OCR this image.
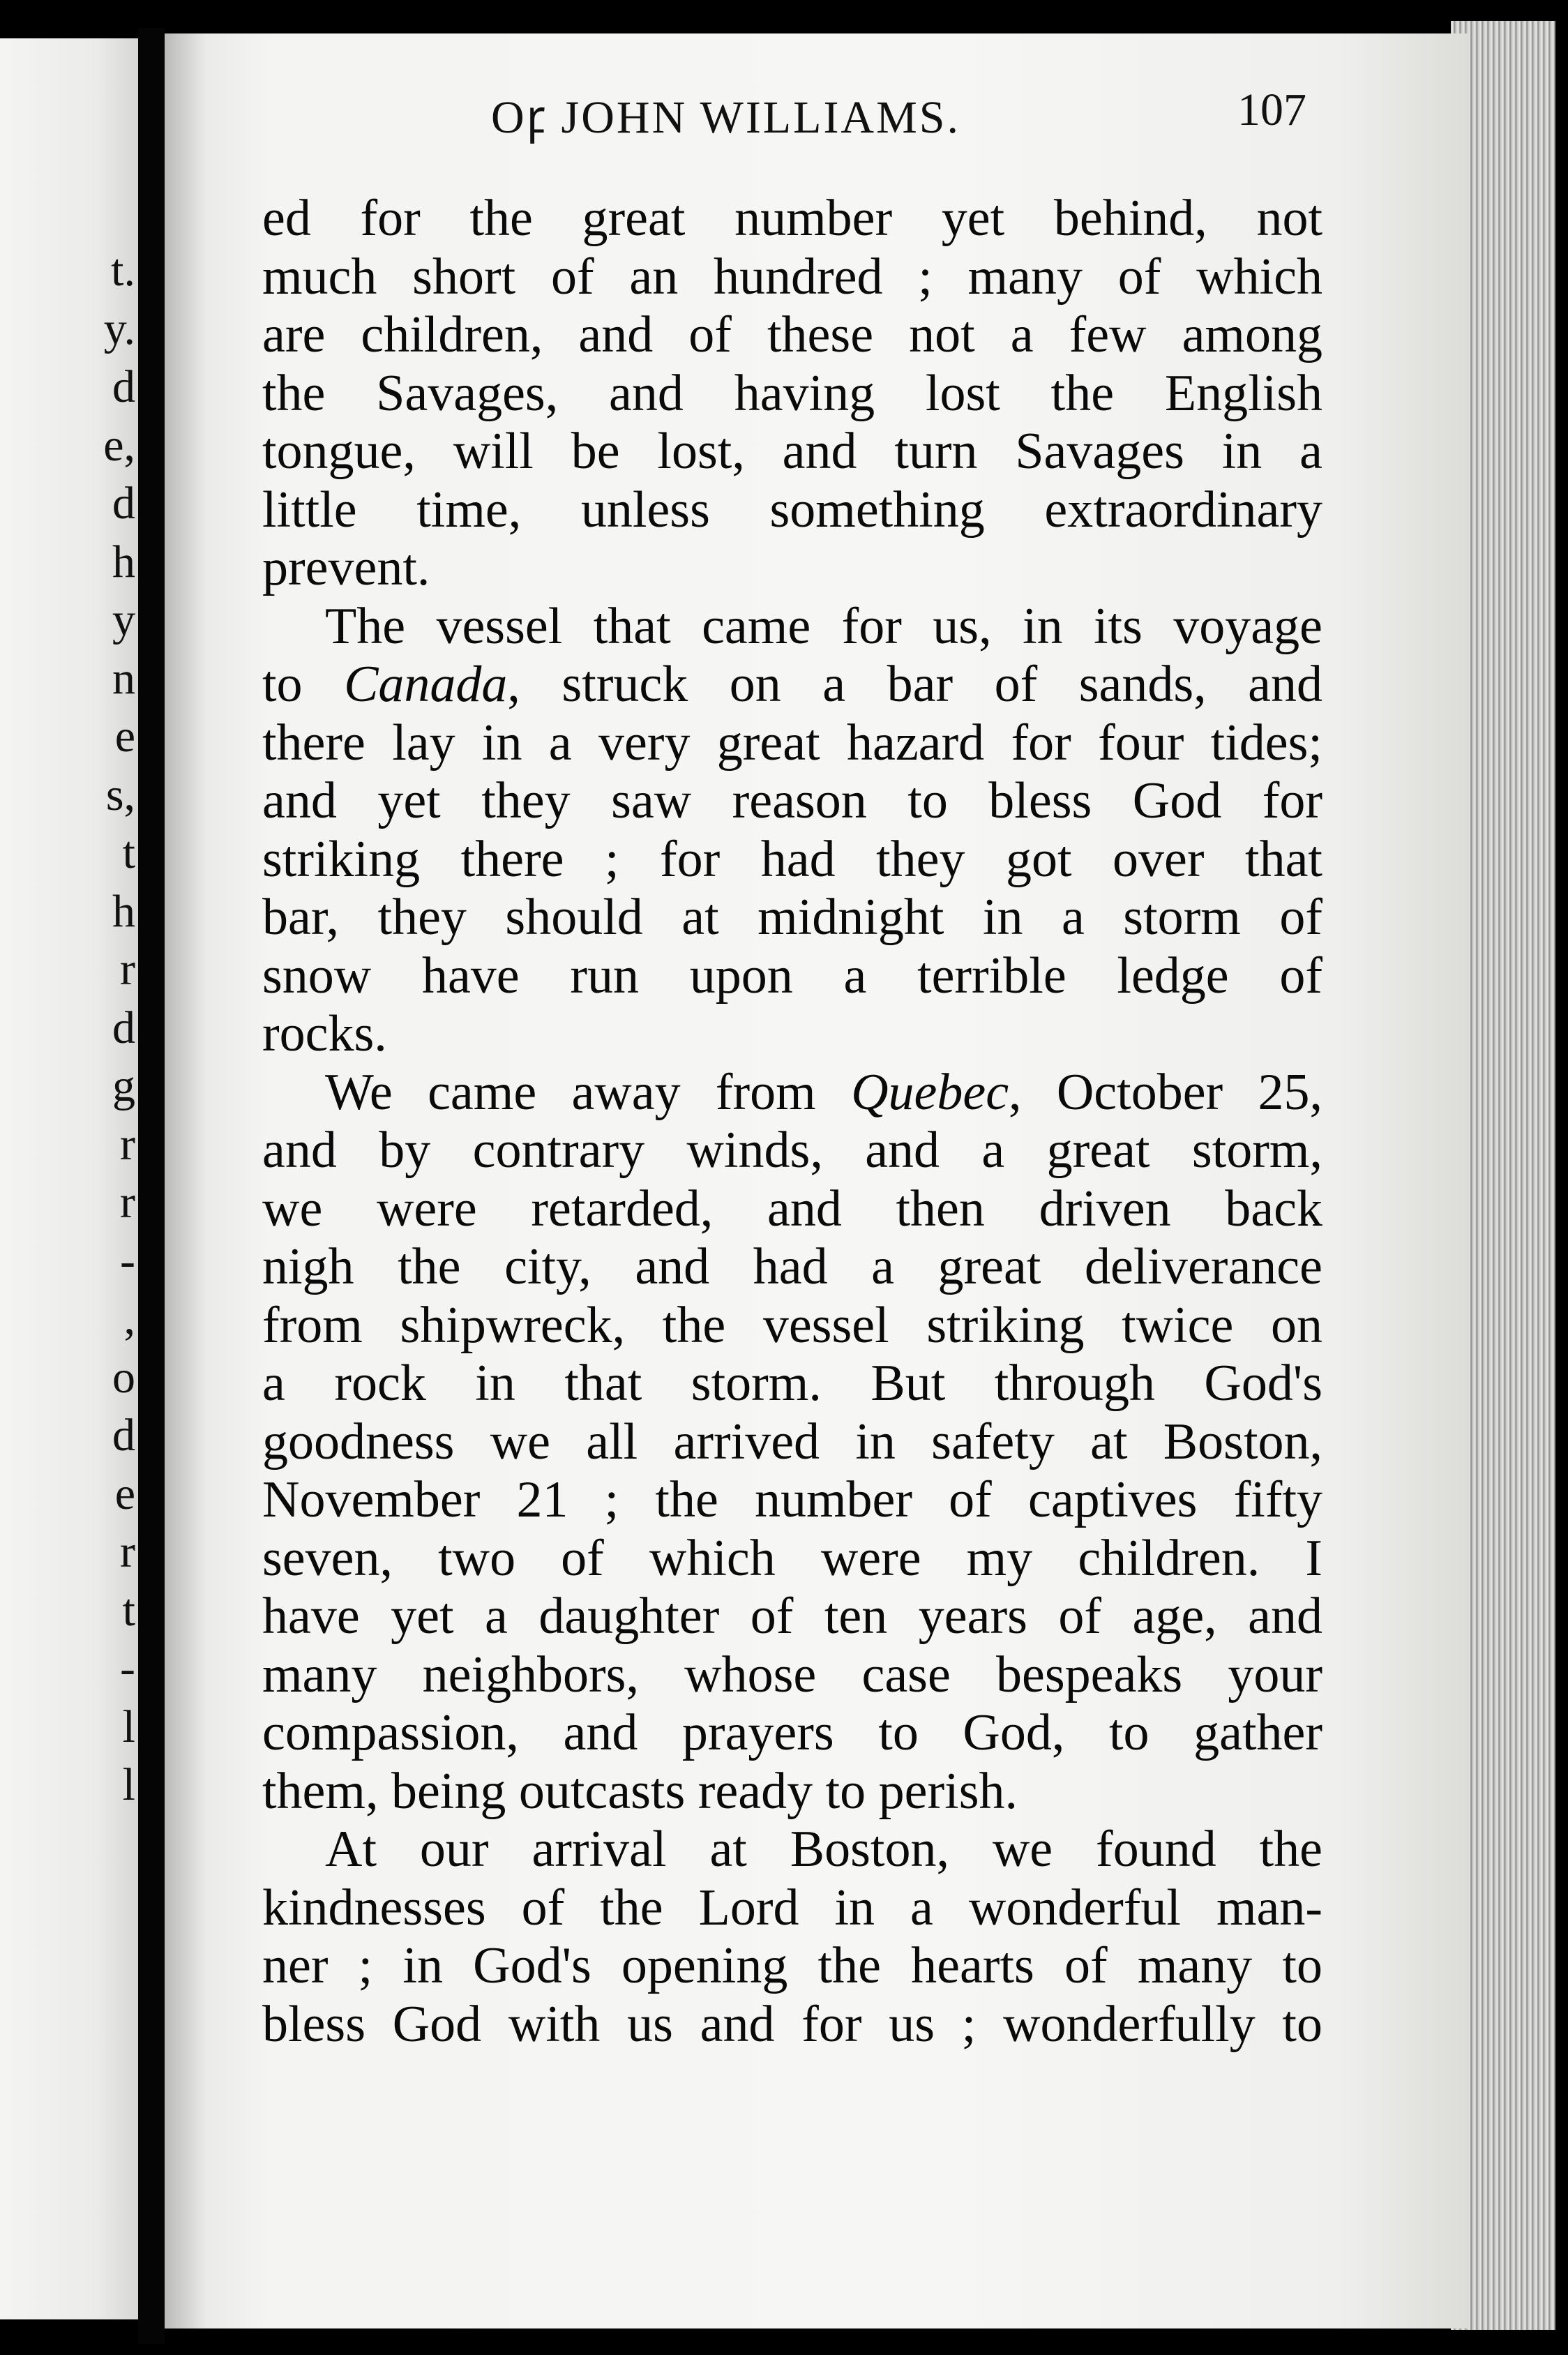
t.
y.
d
e,
d
h
y
n
e
s,
t
h
r
d
g
r
r
-
,
o
d
e
r
t
-
l
l
Oꝼ JOHN WILLIAMS.	107
ed for the great number yet behind, not
much short of an hundred ; many of which
are children, and of these not a few among
the Savages, and having lost the English
tongue, will be lost, and turn Savages in a
little time, unless something extraordinary
prevent.
The vessel that came for us, in its voyage
to Canada, struck on a bar of sands, and
there lay in a very great hazard for four tides;
and yet they saw reason to bless God for
striking there ; for had they got over that
bar, they should at midnight in a storm of
snow have run upon a terrible ledge of
rocks.
We came away from Quebec, October 25,
and by contrary winds, and a great storm,
we were retarded, and then driven back
nigh the city, and had a great deliverance
from shipwreck, the vessel striking twice on
a rock in that storm. But through God's
goodness we all arrived in safety at Boston,
November 21 ; the number of captives fifty
seven, two of which were my children. I
have yet a daughter of ten years of age, and
many neighbors, whose case bespeaks your
compassion, and prayers to God, to gather
them, being outcasts ready to perish.
At our arrival at Boston, we found the
kindnesses of the Lord in a wonderful man-
ner ; in God's opening the hearts of many to
bless God with us and for us ; wonderfully to
